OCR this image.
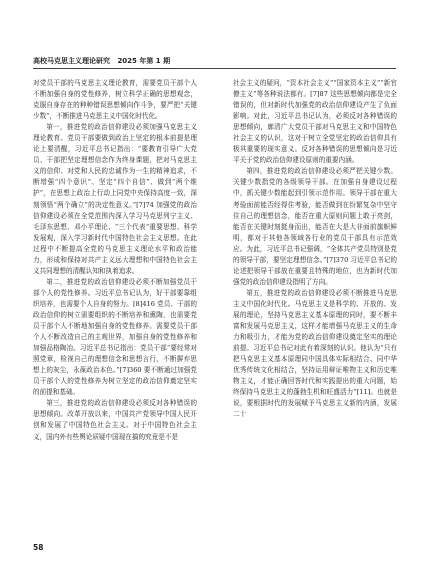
高校马克思主义理论研究 2025 年第 1 期

对党员干部的马克思主义理论教育，需要党员干部个人不断加强自身的党性修养，树立科学正确的思想观念，克服自身存在的种种错误思想倾向作斗争，要严把“关键少数”，不断推进马克思主义中国化时代化。

第一，推进党的政治信仰建设必须加强马克思主义理论教育。党员干部要做到政治上坚定的根本前提是理论上要清醒，习近平总书记指出：“要教育引导广大党员、干部把坚定理想信念作为终身课题，把对马克思主义的信仰、对党和人民的忠诚作为一生的精神追求，不断增强“四个意识”、坚定“四个自信”、做到“两个维护”，在思想上政治上行动上同党中央保持高度一致，深刻领悟“两个确立”的决定性意义。”[7]74 加强党的政治信仰建设必须在全党范围内深入学习马克思列宁主义、毛泽东思想、邓小平理论、“三个代表”重要思想、科学发展观，深入学习新时代中国特色社会主义思想。在此过程中不断提高全党的马克思主义理论水平和政治能力，形成和保持对共产主义远大理想和中国特色社会主义共同理想的清醒认知和执着追求。

第二，推进党的政治信仰建设必须不断加强党员干部个人的党性修养。习近平总书记认为，好干部要靠组织培养，也需要个人自身的努力。[8]416 党员、干部的政治信仰的树立需要组织的不断培养和熏陶，也需要党员干部个人不断地加强自身的党性修养。需要党员干部个人不断改造自己的主观世界，加强自身的党性修养和加强品格陶冶。习近平总书记指出：党员干部“要经常对照党章，检视自己的理想信念和思想言行，不断摒弃思想上的灰尘，永葆政治本色。”[7]360 要不断通过加强党员干部个人的党性修养为树立坚定的政治信仰奠定坚实的前提和基础。

第三，推进党的政治信仰建设必须反对各种错误的思想倾向。改革开放以来，中国共产党领导中国人民开创和发展了中国特色社会主义。对于中国特色社会主义，国内外有些舆论质疑中国现在搞的究竟是不是

社会主义的疑问，“资本社会主义”“国家资本主义”“新官僚主义”等各种说法都有。[7]87 这些思想倾向都是完全错误的，但对新时代加强党的政治信仰建设产生了负面影响。对此，习近平总书记认为，必须反对各种错误的思想倾向，廓清广大党员干部对马克思主义和中国特色社会主义的认识，这对于树立全党坚定的政治信仰具有极其重要的现实意义。反对各种错误的思想倾向是习近平关于党的政治信仰建设原则的重要内涵。

第四，推进党的政治信仰建设必须严把关键少数。关键少数指党的各级领导干部。在加强自身建设过程中，抓关键少数能起到引领示范作用。领导干部在重大考验面前能否经得住考验，能否做到在纷繁复杂中坚守住自己的理想信念，能否在重大原则问题上敢于亮剑，能否在关键时刻挺身而出，能否在大是大非面前旗帜鲜明，都对于其他各领域各行业的党员干部具有示范效应。为此，习近平总书记强调，“全体共产党员特别是党的领导干部，要坚定理想信念。”[7]370 习近平总书记的论述把领导干部放在重要且特殊的地位，也为新时代加强党的政治信仰建设指明了方向。

第五，推进党的政治信仰建设必须不断推进马克思主义中国化时代化。马克思主义是科学的、开放的、发展的理论，坚持马克思主义基本原理的同时，要不断丰富和发展马克思主义，这样才能增强马克思主义的生命力和吸引力，才能为党的政治信仰建设奠定坚实的理论前提。习近平总书记对此有着深刻的认识。他认为“只有把马克思主义基本原理同中国具体实际相结合、同中华优秀传统文化相结合，坚持运用辩证唯物主义和历史唯物主义，才能正确回答时代和实践提出的重大问题，始终保持马克思主义的蓬勃生机和旺盛活力”[11]。也就是说，要根据时代的发展赋予马克思主义新的内涵，发展二十

58
